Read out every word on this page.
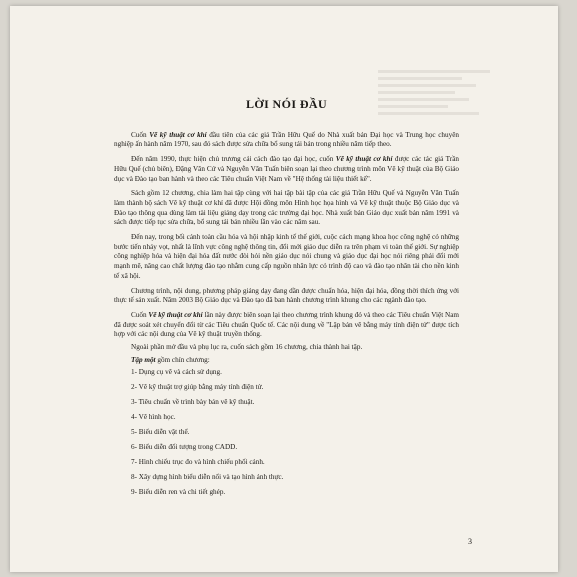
LỜI NÓI ĐẦU

Cuốn Vẽ kỹ thuật cơ khí đầu tiên của các giả Trần Hữu Quế do Nhà xuất bản Đại học và Trung học chuyên nghiệp ấn hành năm 1970, sau đó sách được sửa chữa bổ sung tái bản trong nhiều năm tiếp theo.

Đến năm 1990, thực hiện chủ trương cải cách đào tạo đại học, cuốn Vẽ kỹ thuật cơ khí được các tác giả Trần Hữu Quế (chủ biên), Đặng Văn Cứ và Nguyễn Văn Tuấn biên soạn lại theo chương trình môn Vẽ kỹ thuật của Bộ Giáo dục và Đào tạo ban hành và theo các Tiêu chuẩn Việt Nam về "Hệ thống tài liệu thiết kế".

Sách gồm 12 chương, chia làm hai tập cùng với hai tập bài tập của các giả Trần Hữu Quế và Nguyễn Văn Tuấn làm thành bộ sách Vẽ kỹ thuật cơ khí đã được Hội đồng môn Hình học họa hình và Vẽ kỹ thuật thuộc Bộ Giáo dục và Đào tạo thông qua dùng làm tài liệu giảng dạy trong các trường đại học. Nhà xuất bản Giáo dục xuất bản năm 1991 và sách được tiếp tục sửa chữa, bổ sung tái bản nhiều lần vào các năm sau.

Đến nay, trong bối cảnh toàn cầu hóa và hội nhập kinh tế thế giới, cuộc cách mạng khoa học công nghệ có những bước tiến nhảy vọt, nhất là lĩnh vực công nghệ thông tin, đổi mới giáo dục diễn ra trên phạm vi toàn thế giới. Sự nghiệp công nghiệp hóa và hiện đại hóa đất nước đòi hỏi nền giáo dục nói chung và giáo dục đại học nói riêng phải đổi mới mạnh mẽ, nâng cao chất lượng đào tạo nhằm cung cấp nguồn nhân lực có trình độ cao và đào tạo nhân tài cho nền kinh tế xã hội.

Chương trình, nội dung, phương pháp giảng dạy đang dần được chuẩn hóa, hiện đại hóa, đồng thời thích ứng với thực tế sản xuất. Năm 2003 Bộ Giáo dục và Đào tạo đã ban hành chương trình khung cho các ngành đào tạo.

Cuốn Vẽ kỹ thuật cơ khí lần này được biên soạn lại theo chương trình khung đó và theo các Tiêu chuẩn Việt Nam đã được soát xét chuyển đổi từ các Tiêu chuẩn Quốc tế. Các nội dung về "Lập bản vẽ bằng máy tính điện tử" được tích hợp với các nội dung của Vẽ kỹ thuật truyền thống.

Ngoài phần mở đầu và phụ lục ra, cuốn sách gồm 16 chương, chia thành hai tập.

Tập một gồm chín chương:

1- Dụng cụ vẽ và cách sử dụng.
2- Vẽ kỹ thuật trợ giúp bằng máy tính điện tử.
3- Tiêu chuẩn về trình bày bản vẽ kỹ thuật.
4- Vẽ hình học.
5- Biểu diễn vật thể.
6- Biểu diễn đối tượng trong CADD.
7- Hình chiếu trục đo và hình chiếu phối cảnh.
8- Xây dựng hình biểu diễn nổi và tạo hình ảnh thực.
9- Biểu diễn ren và chi tiết ghép.
3
